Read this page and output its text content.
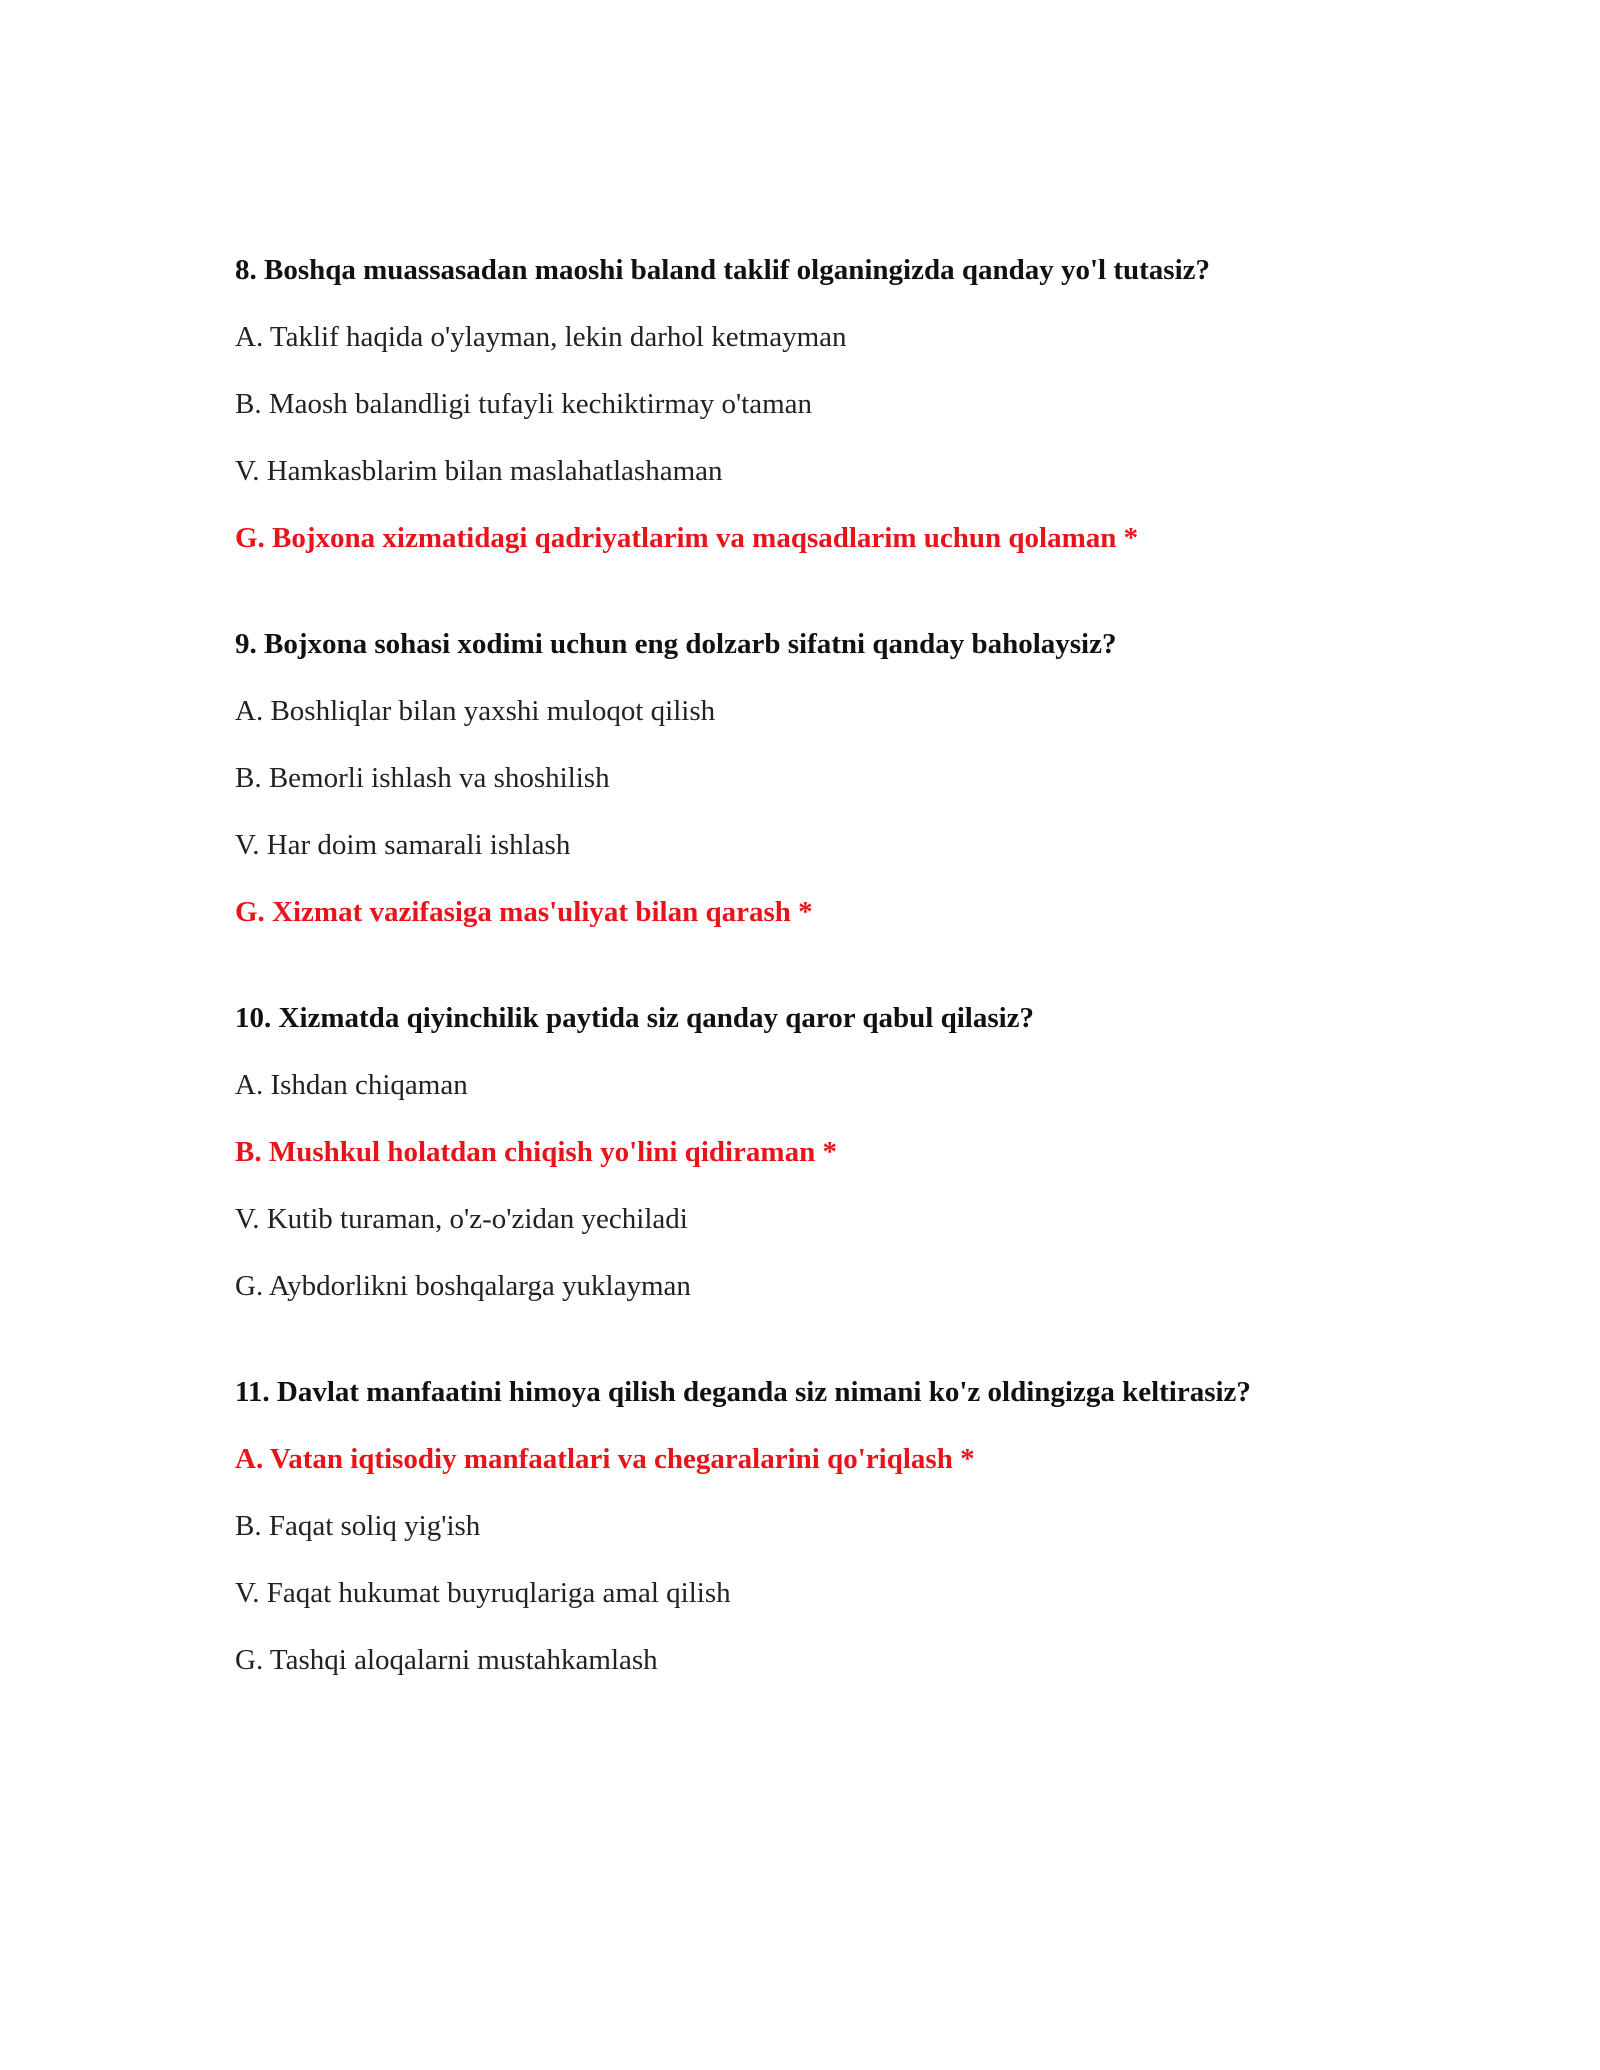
8. Boshqa muassasadan maoshi baland taklif olganingizda qanday yo'l tutasiz?
A. Taklif haqida o'ylayman, lekin darhol ketmayman
B. Maosh balandligi tufayli kechiktirmay o'taman
V. Hamkasblarim bilan maslahatlashaman
G. Bojxona xizmatidagi qadriyatlarim va maqsadlarim uchun qolaman *
9. Bojxona sohasi xodimi uchun eng dolzarb sifatni qanday baholaysiz?
A. Boshliqlar bilan yaxshi muloqot qilish
B. Bemorli ishlash va shoshilish
V. Har doim samarali ishlash
G. Xizmat vazifasiga mas'uliyat bilan qarash *
10. Xizmatda qiyinchilik paytida siz qanday qaror qabul qilasiz?
A. Ishdan chiqaman
B. Mushkul holatdan chiqish yo'lini qidiraman *
V. Kutib turaman, o'z-o'zidan yechiladi
G. Aybdorlikni boshqalarga yuklayman
11. Davlat manfaatini himoya qilish deganda siz nimani ko'z oldingizga keltirasiz?
A. Vatan iqtisodiy manfaatlari va chegaralarini qo'riqlash *
B. Faqat soliq yig'ish
V. Faqat hukumat buyruqlariga amal qilish
G. Tashqi aloqalarni mustahkamlash
